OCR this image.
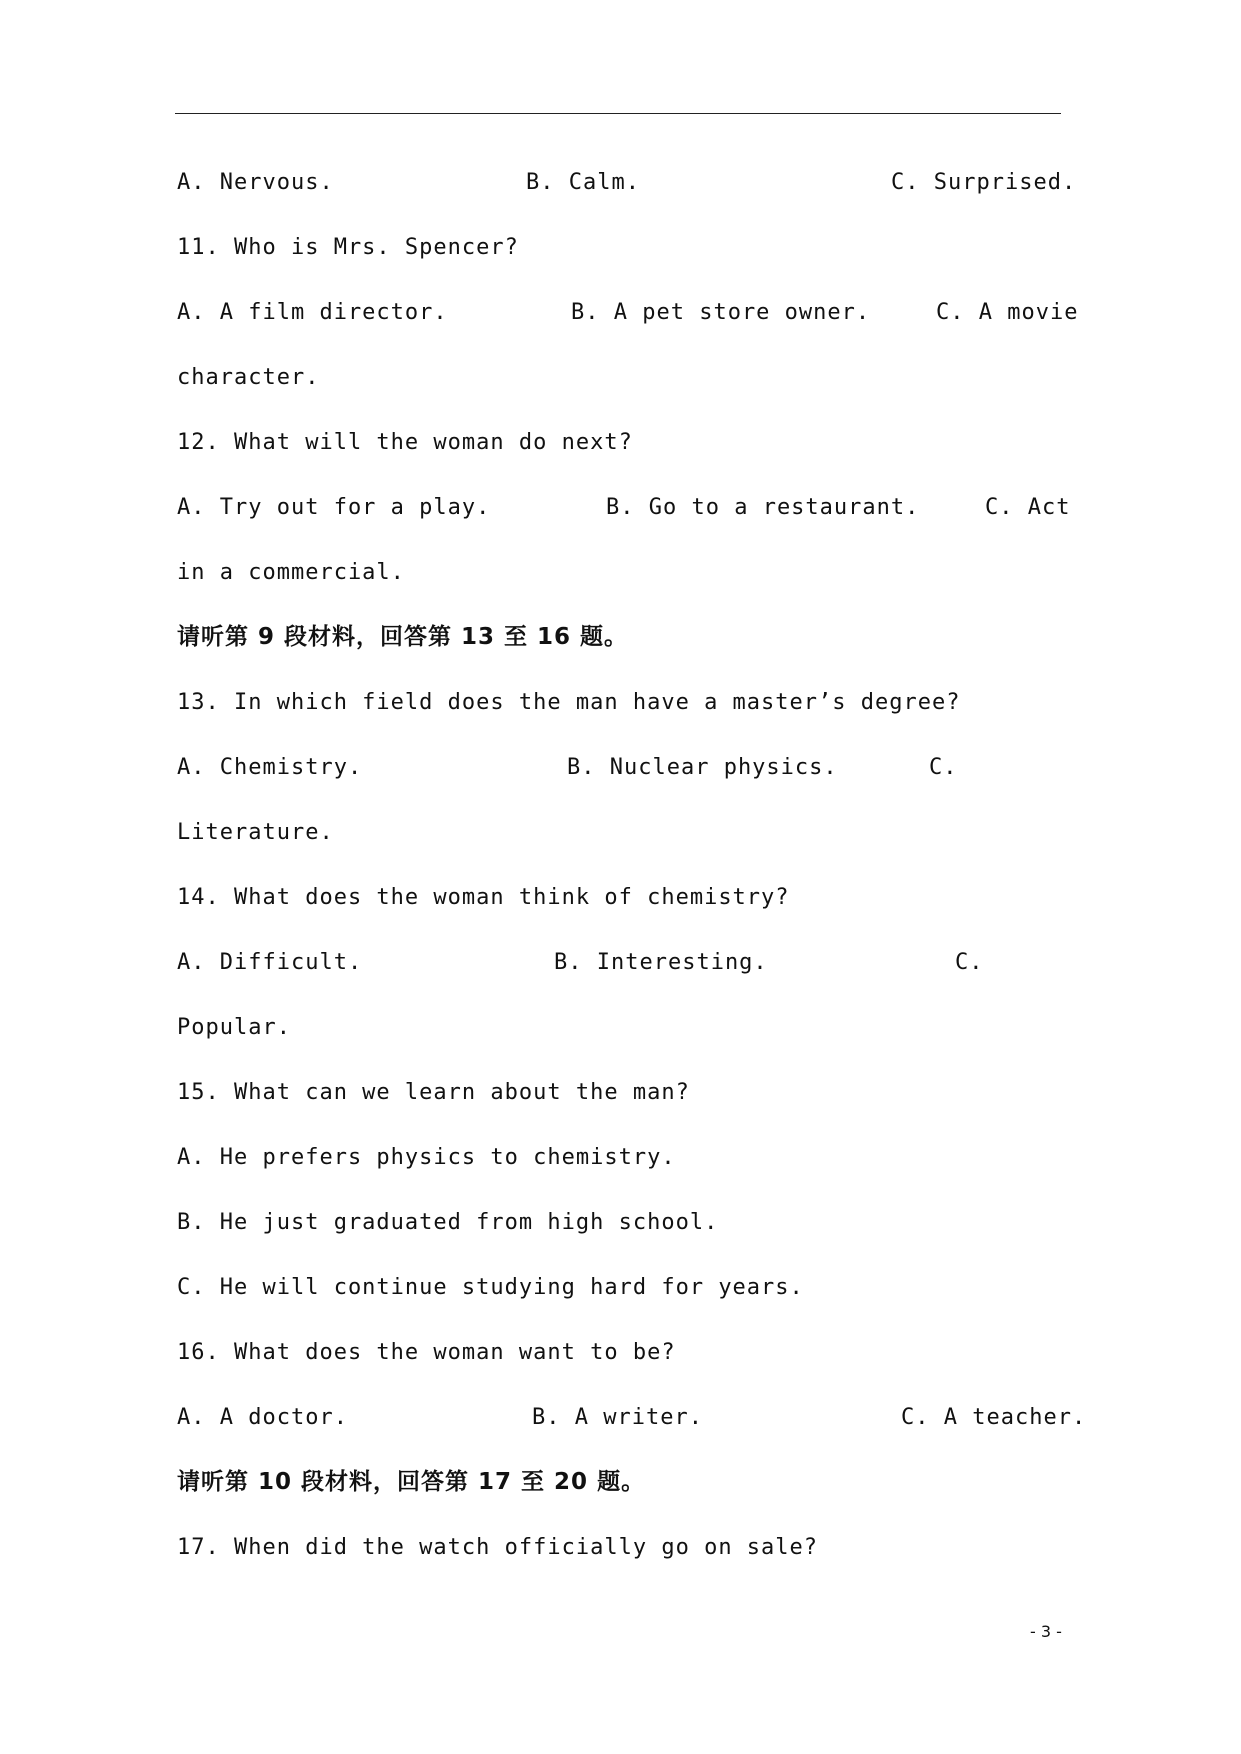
A. Nervous.	B. Calm.	C. Surprised.
11. Who is Mrs. Spencer?
A. A film director.	B. A pet store owner.	C. A movie
character.
12. What will the woman do next?
A. Try out for a play.	B. Go to a restaurant.	C. Act
in a commercial.
请听第 9 段材料，回答第 13 至 16 题。
13. In which field does the man have a master’s degree?
A. Chemistry.	B. Nuclear physics.	C.
Literature.
14. What does the woman think of chemistry?
A. Difficult.	B. Interesting.	C.
Popular.
15. What can we learn about the man?
A. He prefers physics to chemistry.
B. He just graduated from high school.
C. He will continue studying hard for years.
16. What does the woman want to be?
A. A doctor.	B. A writer.	C. A teacher.
请听第 10 段材料，回答第 17 至 20 题。
17. When did the watch officially go on sale?
- 3 -
